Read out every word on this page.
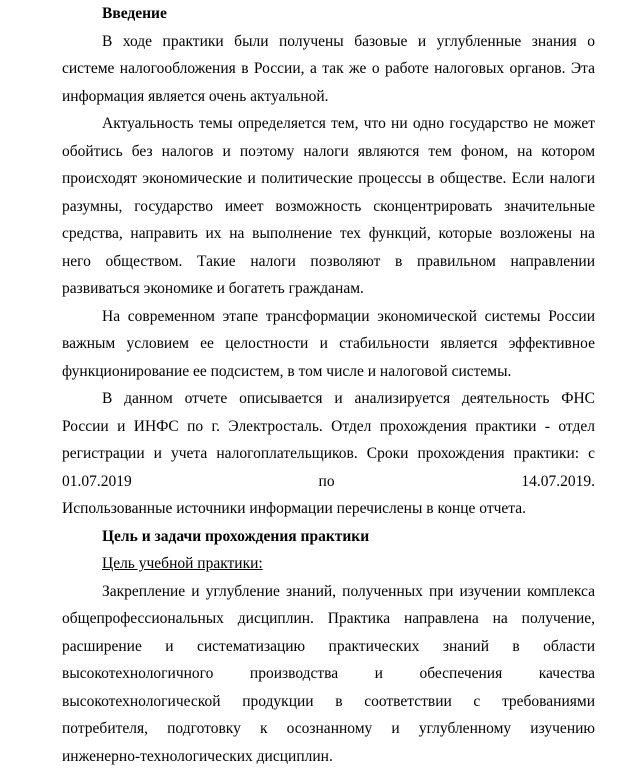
Введение
В ходе практики были получены базовые и углубленные знания о
системе налогообложения в России, а так же о работе налоговых органов. Эта
информация является очень актуальной.
Актуальность темы определяется тем, что ни одно государство не может
обойтись без налогов и поэтому налоги являются тем фоном, на котором
происходят экономические и политические процессы в обществе. Если налоги
разумны, государство имеет возможность сконцентрировать значительные
средства, направить их на выполнение тех функций, которые возложены на
него обществом. Такие налоги позволяют в правильном направлении
развиваться экономике и богатеть гражданам.
На современном этапе трансформации экономической системы России
важным условием ее целостности и стабильности является эффективное
функционирование ее подсистем, в том числе и налоговой системы.
В данном отчете описывается и анализируется деятельность ФНС
России и ИНФС по г. Электросталь. Отдел прохождения практики - отдел
регистрации и учета налогоплательщиков. Сроки прохождения практики: с
01.07.2019	по	14.07.2019.
Использованные источники информации перечислены в конце отчета.
Цель и задачи прохождения практики
Цель учебной практики:
Закрепление и углубление знаний, полученных при изучении комплекса
общепрофессиональных дисциплин. Практика направлена на получение,
расширение и систематизацию практических знаний в области
высокотехнологичного производства и обеспечения качества
высокотехнологической продукции в соответствии с требованиями
потребителя, подготовку к осознанному и углубленному изучению
инженерно-технологических дисциплин.
